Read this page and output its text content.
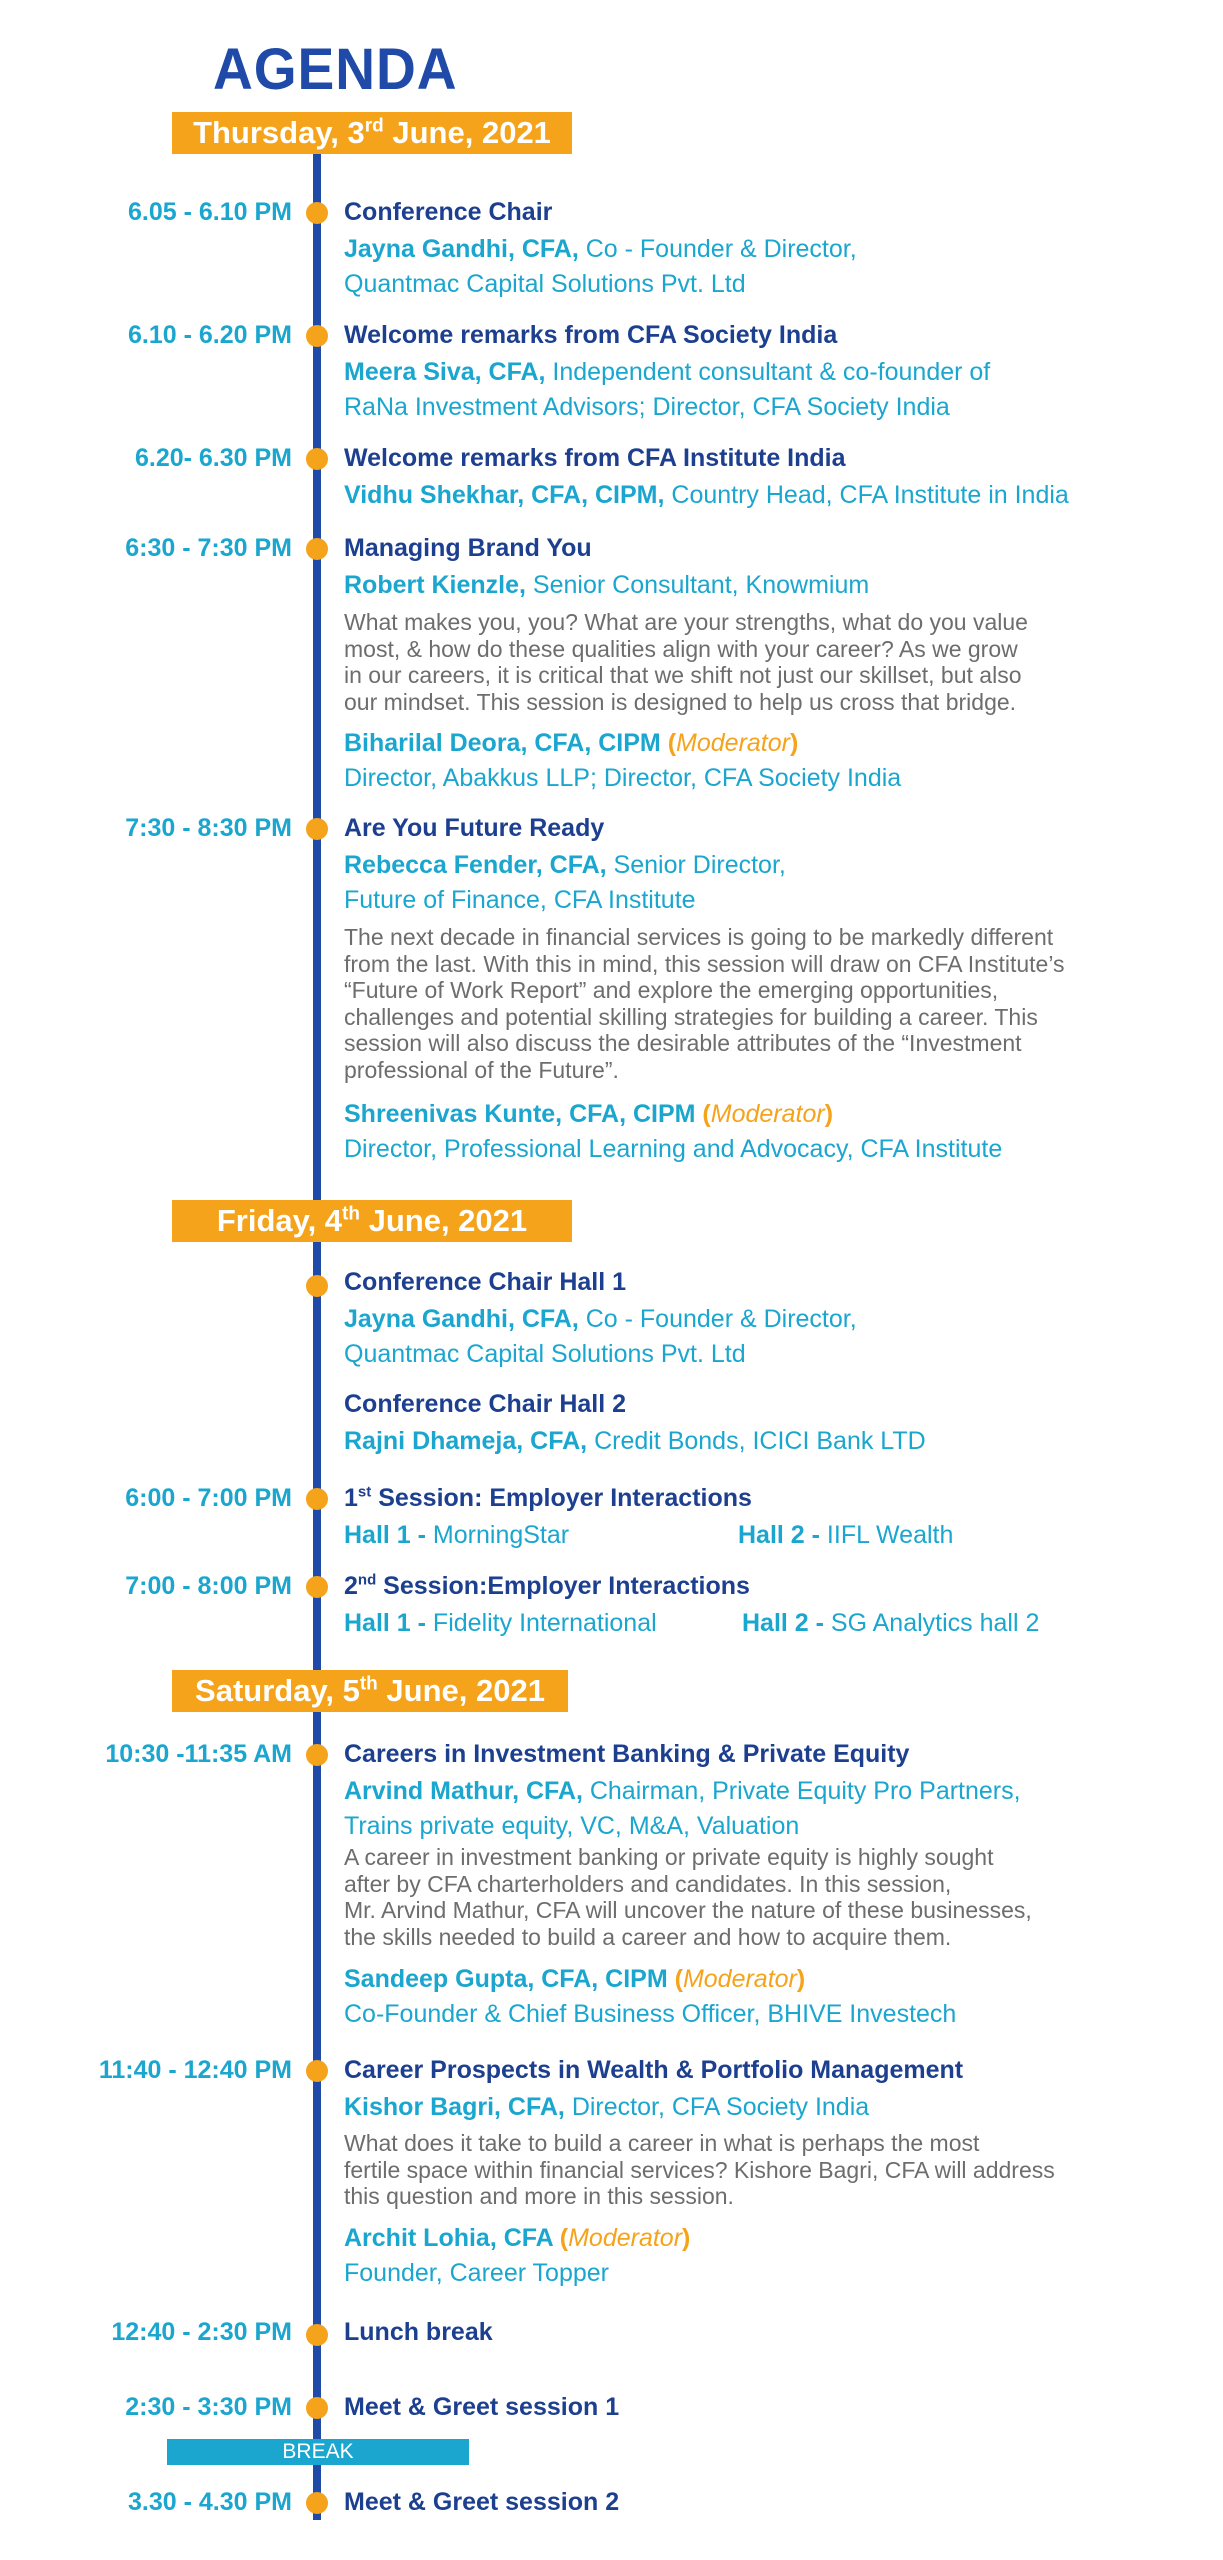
AGENDA
Thursday, 3rd June, 2021
6.05 - 6.10 PM Conference Chair
Jayna Gandhi, CFA, Co - Founder & Director,
Quantmac Capital Solutions Pvt. Ltd
6.10 - 6.20 PM Welcome remarks from CFA Society India
Meera Siva, CFA, Independent consultant & co-founder of
RaNa Investment Advisors; Director, CFA Society India
6.20- 6.30 PM Welcome remarks from CFA Institute India
Vidhu Shekhar, CFA, CIPM, Country Head, CFA Institute in India
6:30 - 7:30 PM Managing Brand You
Robert Kienzle, Senior Consultant, Knowmium
What makes you, you? What are your strengths, what do you value
most, & how do these qualities align with your career? As we grow
in our careers, it is critical that we shift not just our skillset, but also
our mindset. This session is designed to help us cross that bridge.
Biharilal Deora, CFA, CIPM (Moderator)
Director, Abakkus LLP; Director, CFA Society India
7:30 - 8:30 PM Are You Future Ready
Rebecca Fender, CFA, Senior Director,
Future of Finance, CFA Institute
The next decade in financial services is going to be markedly different
from the last. With this in mind, this session will draw on CFA Institute’s
“Future of Work Report” and explore the emerging opportunities,
challenges and potential skilling strategies for building a career. This
session will also discuss the desirable attributes of the “Investment
professional of the Future”.
Shreenivas Kunte, CFA, CIPM (Moderator)
Director, Professional Learning and Advocacy, CFA Institute
Friday, 4th June, 2021
Conference Chair Hall 1
Jayna Gandhi, CFA, Co - Founder & Director,
Quantmac Capital Solutions Pvt. Ltd
Conference Chair Hall 2
Rajni Dhameja, CFA, Credit Bonds, ICICI Bank LTD
6:00 - 7:00 PM 1st Session: Employer Interactions
Hall 1 - MorningStar	Hall 2 - IIFL Wealth
7:00 - 8:00 PM 2nd Session:Employer Interactions
Hall 1 - Fidelity International	Hall 2 - SG Analytics hall 2
Saturday, 5th June, 2021
10:30 -11:35 AM Careers in Investment Banking & Private Equity
Arvind Mathur, CFA, Chairman, Private Equity Pro Partners,
Trains private equity, VC, M&A, Valuation
A career in investment banking or private equity is highly sought
after by CFA charterholders and candidates. In this session,
Mr. Arvind Mathur, CFA will uncover the nature of these businesses,
the skills needed to build a career and how to acquire them.
Sandeep Gupta, CFA, CIPM (Moderator)
Co-Founder & Chief Business Officer, BHIVE Investech
11:40 - 12:40 PM Career Prospects in Wealth & Portfolio Management
Kishor Bagri, CFA, Director, CFA Society India
What does it take to build a career in what is perhaps the most
fertile space within financial services? Kishore Bagri, CFA will address
this question and more in this session.
Archit Lohia, CFA (Moderator)
Founder, Career Topper
12:40 - 2:30 PM Lunch break
2:30 - 3:30 PM Meet & Greet session 1
BREAK
3.30 - 4.30 PM Meet & Greet session 2
